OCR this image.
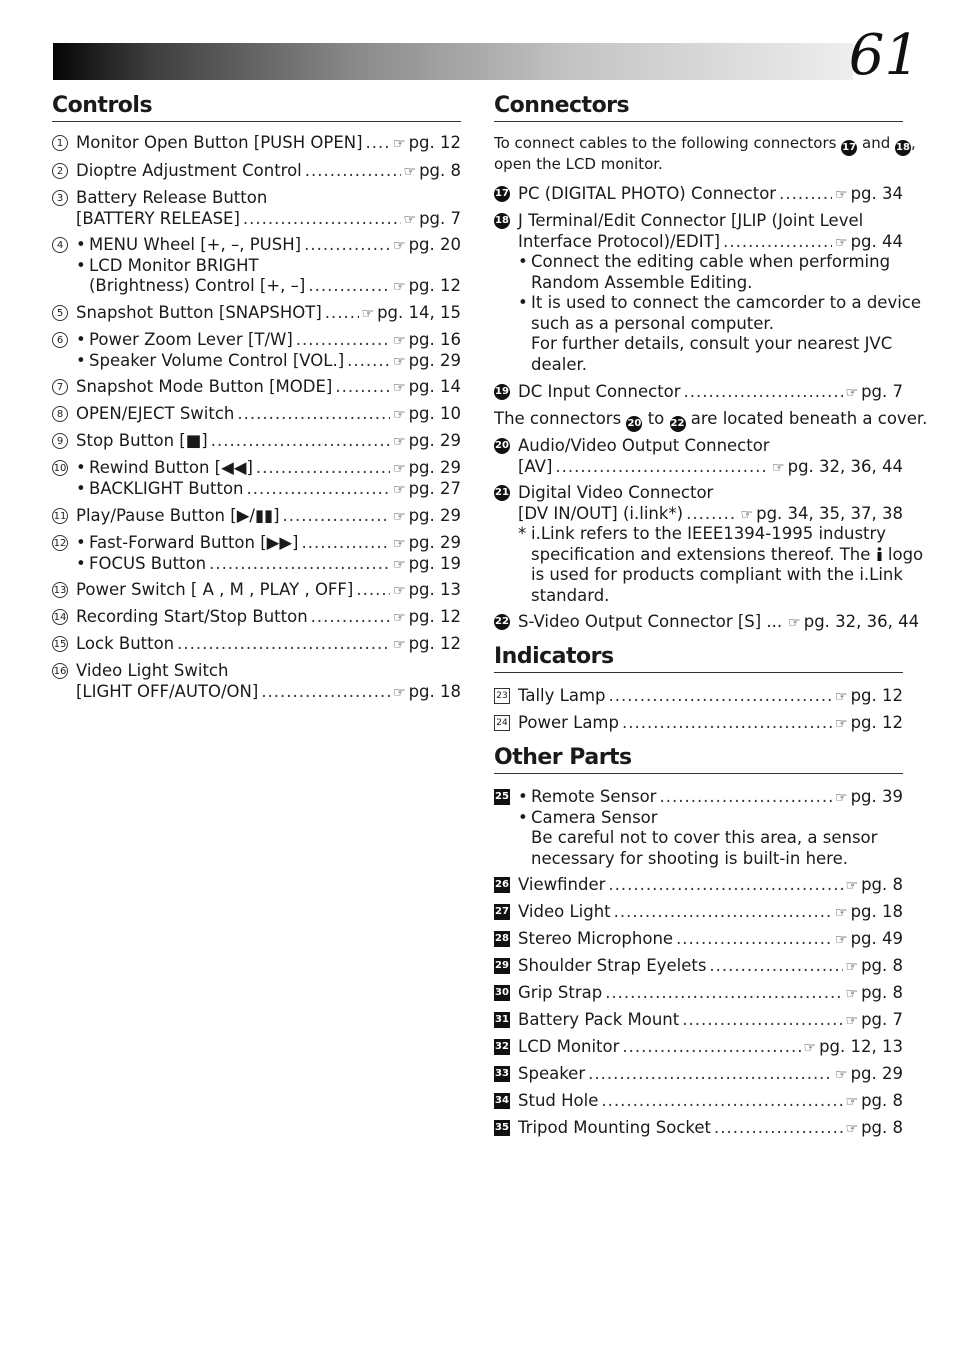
61
Controls
1 Monitor Open Button [PUSH OPEN] ..... ☞ pg. 12
2 Dioptre Adjustment Control .....	☞ pg. 8
3 Battery Release Button
[BATTERY RELEASE] .....	☞ pg. 7
4 • MENU Wheel [+, –, PUSH] .....	☞ pg. 20
• LCD Monitor BRIGHT
(Brightness) Control [+, –] .....	☞ pg. 12
5 Snapshot Button [SNAPSHOT] .....	☞ pg. 14, 15
6 • Power Zoom Lever [T/W] .....	☞ pg. 16
• Speaker Volume Control [VOL.] .....	☞ pg. 29
7 Snapshot Mode Button [MODE] .....	☞ pg. 14
8 OPEN/EJECT Switch .....	☞ pg. 10
9 Stop Button [■] .....	☞ pg. 29
10 • Rewind Button [◀◀] .....	☞ pg. 29
• BACKLIGHT Button .....	☞ pg. 27
11 Play/Pause Button [▶/▮▮] .....	☞ pg. 29
12 • Fast-Forward Button [▶▶] .....	☞ pg. 29
• FOCUS Button .....	☞ pg. 19
13 Power Switch [ A , M , PLAY , OFF] .....	☞ pg. 13
14 Recording Start/Stop Button .....	☞ pg. 12
15 Lock Button .....	☞ pg. 12
16 Video Light Switch
[LIGHT OFF/AUTO/ON] .....	☞ pg. 18
Connectors
To connect cables to the following connectors 17 and 18,
open the LCD monitor.
17 PC (DIGITAL PHOTO) Connector .....	☞ pg. 34
18 J Terminal/Edit Connector [JLIP (Joint Level
Interface Protocol)/EDIT] .....	☞ pg. 44
• Connect the editing cable when performing
Random Assemble Editing.
• It is used to connect the camcorder to a device
such as a personal computer.
For further details, consult your nearest JVC
dealer.
19 DC Input Connector .....	☞ pg. 7
The connectors 20 to 22 are located beneath a cover.
20 Audio/Video Output Connector
[AV] .....	☞ pg. 32, 36, 44
21 Digital Video Connector
[DV IN/OUT] (i.link*) .....	☞ pg. 34, 35, 37, 38
* i.Link refers to the IEEE1394-1995 industry
specification and extensions thereof. The logo
is used for products compliant with the i.Link
standard.
22 S-Video Output Connector [S] ... ☞ pg. 32, 36, 44
Indicators
23 Tally Lamp .....	☞ pg. 12
24 Power Lamp .....	☞ pg. 12
Other Parts
25 • Remote Sensor .....	☞ pg. 39
• Camera Sensor
Be careful not to cover this area, a sensor
necessary for shooting is built-in here.
26 Viewfinder .....	☞ pg. 8
27 Video Light .....	☞ pg. 18
28 Stereo Microphone .....	☞ pg. 49
29 Shoulder Strap Eyelets .....	☞ pg. 8
30 Grip Strap .....	☞ pg. 8
31 Battery Pack Mount .....	☞ pg. 7
32 LCD Monitor .....	☞ pg. 12, 13
33 Speaker .....	☞ pg. 29
34 Stud Hole .....	☞ pg. 8
35 Tripod Mounting Socket .....	☞ pg. 8
